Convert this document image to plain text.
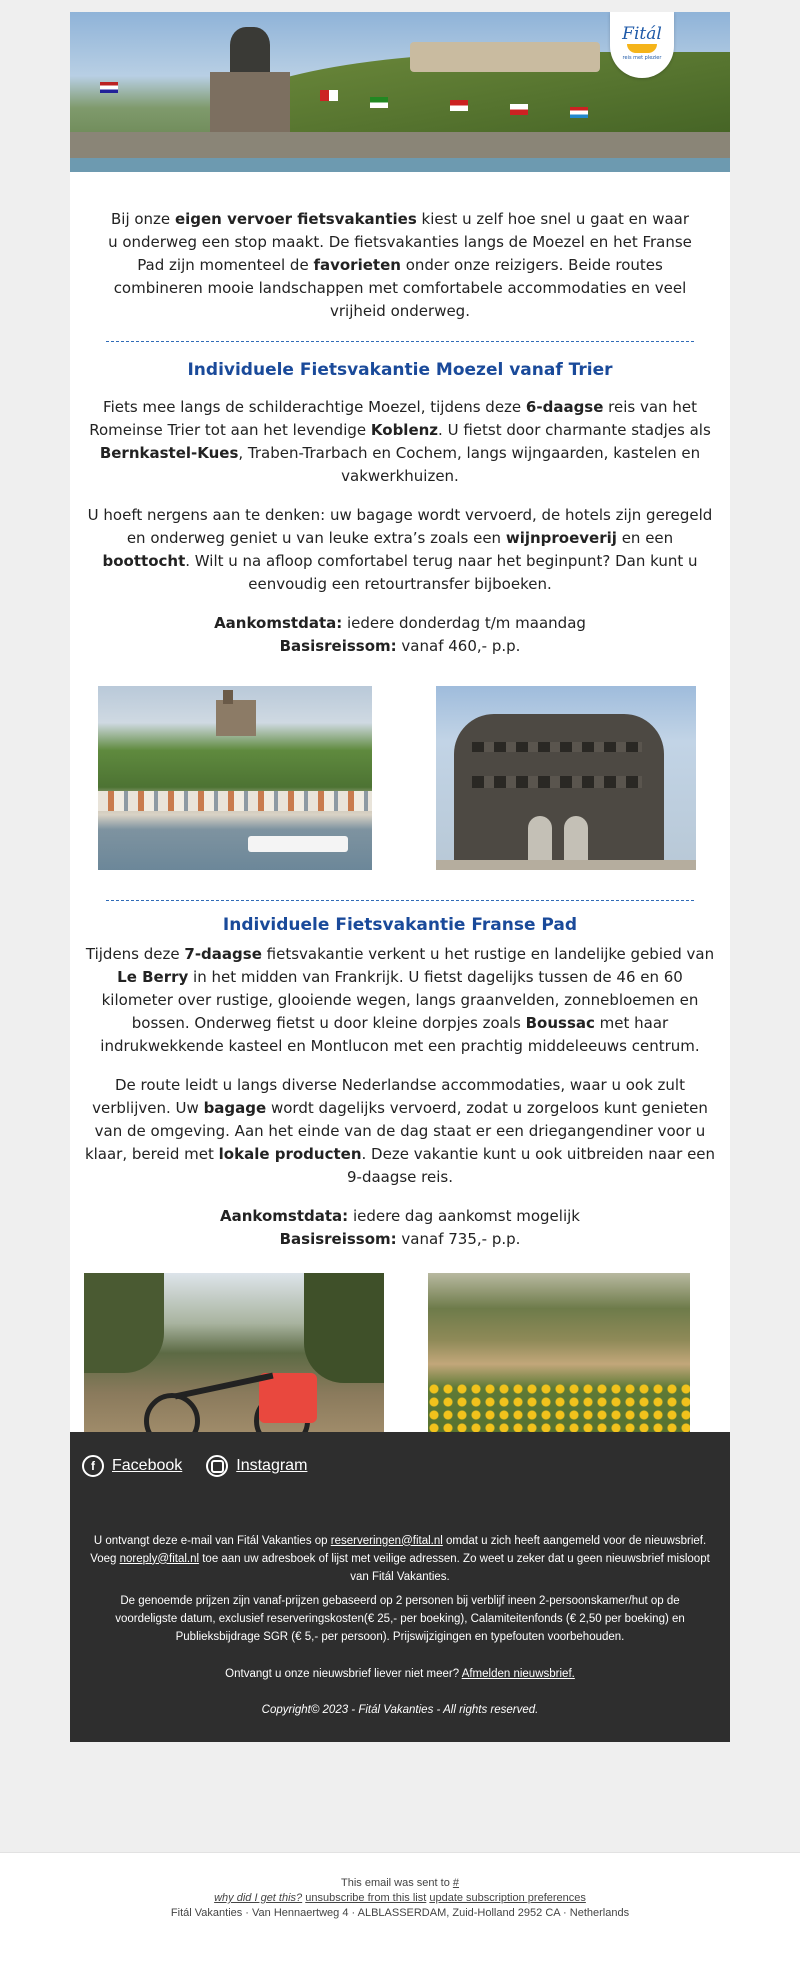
Fitál
reis met plezier

Bij onze eigen vervoer fietsvakanties kiest u zelf hoe snel u gaat en waar u onderweg een stop maakt. De fietsvakanties langs de Moezel en het Franse Pad zijn momenteel de favorieten onder onze reizigers. Beide routes combineren mooie landschappen met comfortabele accommodaties en veel vrijheid onderweg.

Individuele Fietsvakantie Moezel vanaf Trier

Fiets mee langs de schilderachtige Moezel, tijdens deze 6-daagse reis van het Romeinse Trier tot aan het levendige Koblenz. U fietst door charmante stadjes als Bernkastel-Kues, Traben-Trarbach en Cochem, langs wijngaarden, kastelen en vakwerkhuizen.

U hoeft nergens aan te denken: uw bagage wordt vervoerd, de hotels zijn geregeld en onderweg geniet u van leuke extra’s zoals een wijnproeverij en een boottocht. Wilt u na afloop comfortabel terug naar het beginpunt? Dan kunt u eenvoudig een retourtransfer bijboeken.

Aankomstdata: iedere donderdag t/m maandag
Basisreissom: vanaf 460,- p.p.
Individuele Fietsvakantie Franse Pad

Tijdens deze 7-daagse fietsvakantie verkent u het rustige en landelijke gebied van Le Berry in het midden van Frankrijk. U fietst dagelijks tussen de 46 en 60 kilometer over rustige, glooiende wegen, langs graanvelden, zonnebloemen en bossen. Onderweg fietst u door kleine dorpjes zoals Boussac met haar indrukwekkende kasteel en Montlucon met een prachtig middeleeuws centrum.

De route leidt u langs diverse Nederlandse accommodaties, waar u ook zult verblijven. Uw bagage wordt dagelijks vervoerd, zodat u zorgeloos kunt genieten van de omgeving. Aan het einde van de dag staat er een driegangendiner voor u klaar, bereid met lokale producten. Deze vakantie kunt u ook uitbreiden naar een 9-daagse reis.

Aankomstdata: iedere dag aankomst mogelijk
Basisreissom: vanaf 735,- p.p.
f	Facebook	Instagram

U ontvangt deze e-mail van Fitál Vakanties op reserveringen@fital.nl omdat u zich heeft aangemeld voor de nieuwsbrief. Voeg noreply@fital.nl toe aan uw adresboek of lijst met veilige adressen. Zo weet u zeker dat u geen nieuwsbrief misloopt van Fitál Vakanties.

De genoemde prijzen zijn vanaf-prijzen gebaseerd op 2 personen bij verblijf ineen 2-persoonskamer/hut op de voordeligste datum, exclusief reserveringskosten(€ 25,- per boeking), Calamiteitenfonds (€ 2,50 per boeking) en Publieksbijdrage SGR (€ 5,- per persoon). Prijswijzigingen en typefouten voorbehouden.

Ontvangt u onze nieuwsbrief liever niet meer? Afmelden nieuwsbrief.

Copyright© 2023 - Fitál Vakanties - All rights reserved.

This email was sent to #
why did I get this? unsubscribe from this list update subscription preferences
Fitál Vakanties · Van Hennaertweg 4 · ALBLASSERDAM, Zuid-Holland 2952 CA · Netherlands
